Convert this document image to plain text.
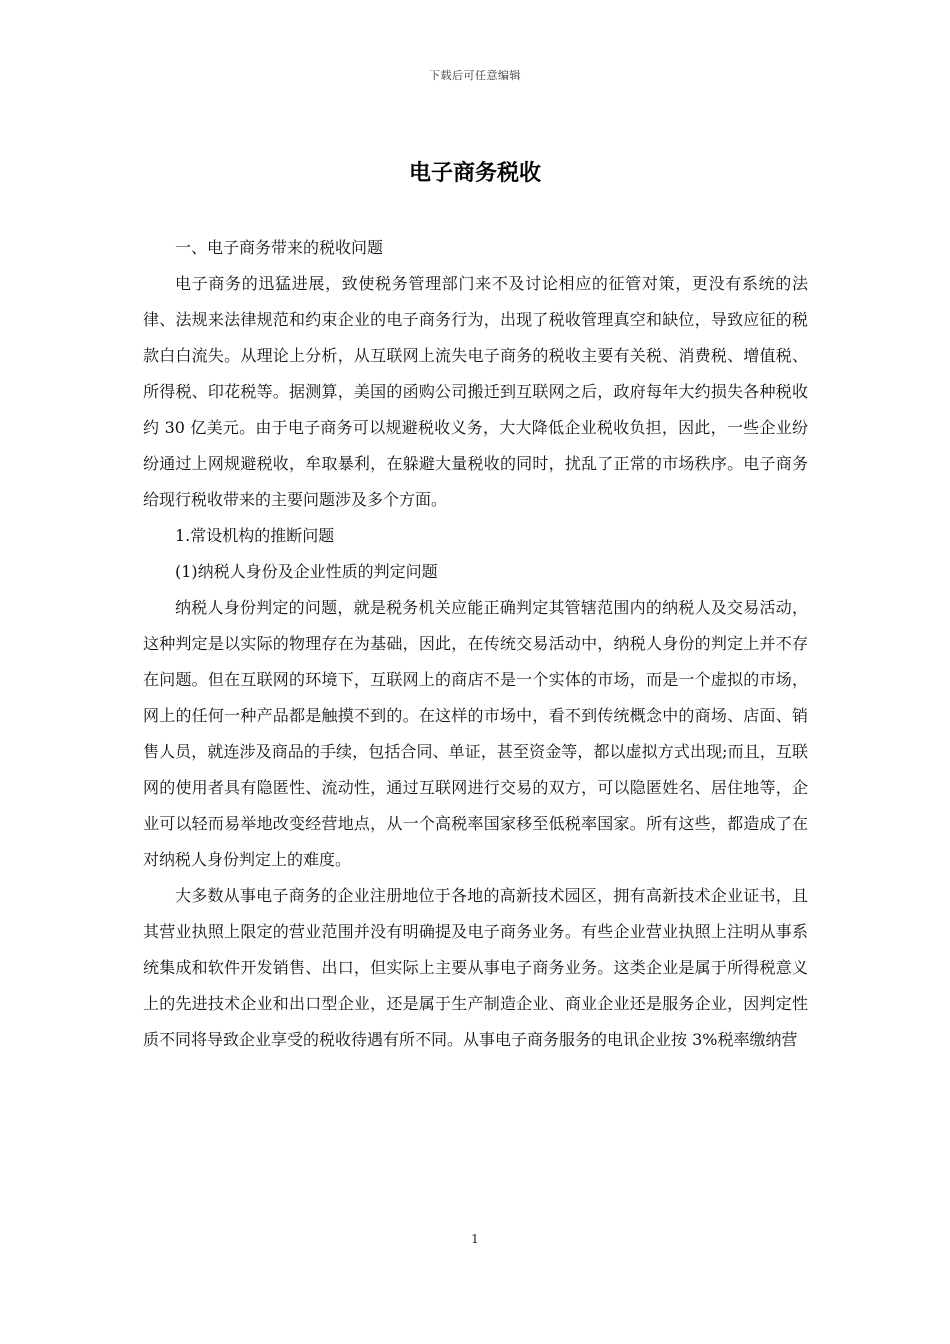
下载后可任意编辑
电子商务税收

一、电子商务带来的税收问题

电子商务的迅猛进展，致使税务管理部门来不及讨论相应的征管对策，更没有系统的法律、法规来法律规范和约束企业的电子商务行为，出现了税收管理真空和缺位，导致应征的税款白白流失。从理论上分析，从互联网上流失电子商务的税收主要有关税、消费税、增值税、所得税、印花税等。据测算，美国的函购公司搬迁到互联网之后，政府每年大约损失各种税收约 30 亿美元。由于电子商务可以规避税收义务，大大降低企业税收负担，因此，一些企业纷纷通过上网规避税收，牟取暴利，在躲避大量税收的同时，扰乱了正常的市场秩序。电子商务给现行税收带来的主要问题涉及多个方面。

1.常设机构的推断问题

(1)纳税人身份及企业性质的判定问题

纳税人身份判定的问题，就是税务机关应能正确判定其管辖范围内的纳税人及交易活动，这种判定是以实际的物理存在为基础，因此，在传统交易活动中，纳税人身份的判定上并不存在问题。但在互联网的环境下，互联网上的商店不是一个实体的市场，而是一个虚拟的市场，网上的任何一种产品都是触摸不到的。在这样的市场中，看不到传统概念中的商场、店面、销售人员，就连涉及商品的手续，包括合同、单证，甚至资金等，都以虚拟方式出现;而且，互联网的使用者具有隐匿性、流动性，通过互联网进行交易的双方，可以隐匿姓名、居住地等，企业可以轻而易举地改变经营地点，从一个高税率国家移至低税率国家。所有这些，都造成了在对纳税人身份判定上的难度。

大多数从事电子商务的企业注册地位于各地的高新技术园区，拥有高新技术企业证书，且其营业执照上限定的营业范围并没有明确提及电子商务业务。有些企业营业执照上注明从事系统集成和软件开发销售、出口，但实际上主要从事电子商务业务。这类企业是属于所得税意义上的先进技术企业和出口型企业，还是属于生产制造企业、商业企业还是服务企业，因判定性质不同将导致企业享受的税收待遇有所不同。从事电子商务服务的电讯企业按 3%税率缴纳营

1
